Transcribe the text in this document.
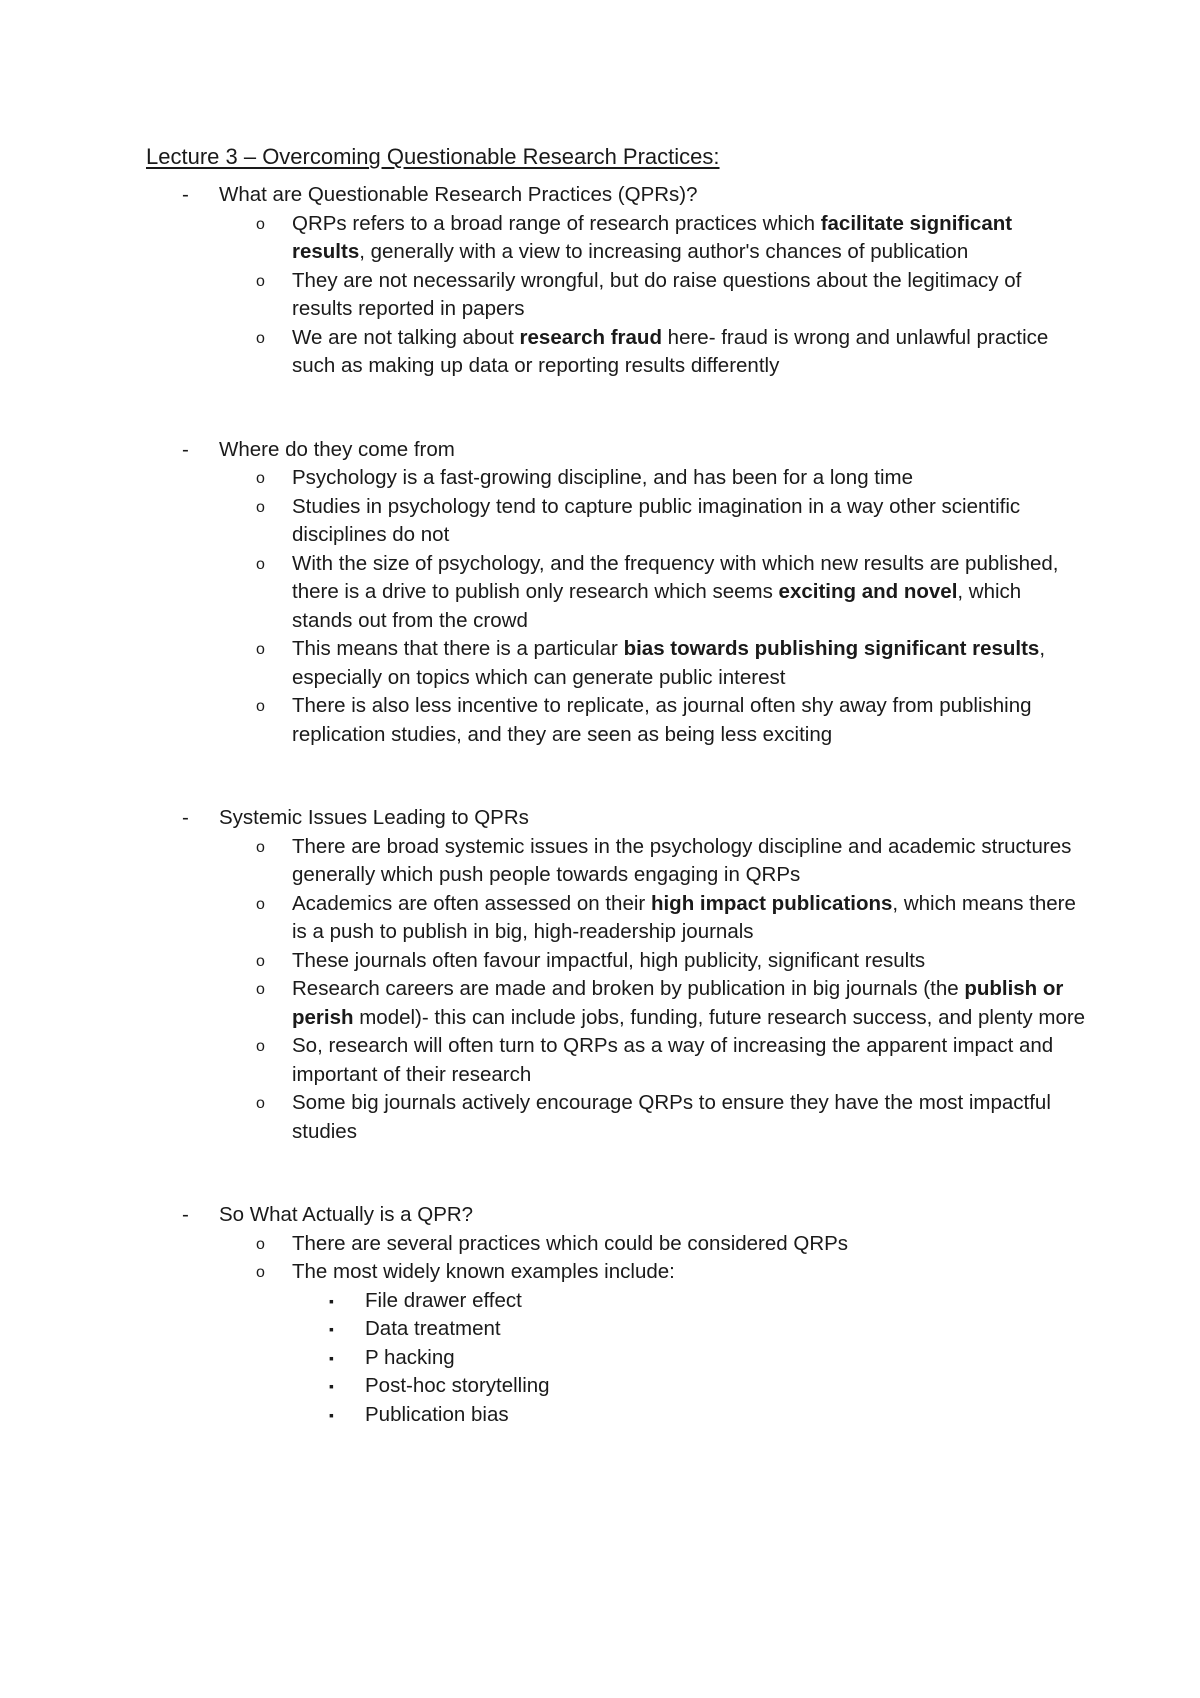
Lecture 3 – Overcoming Questionable Research Practices:
- What are Questionable Research Practices (QPRs)?
o QRPs refers to a broad range of research practices which facilitate significant results, generally with a view to increasing author's chances of publication
o They are not necessarily wrongful, but do raise questions about the legitimacy of results reported in papers
o We are not talking about research fraud here- fraud is wrong and unlawful practice such as making up data or reporting results differently
- Where do they come from
o Psychology is a fast-growing discipline, and has been for a long time
o Studies in psychology tend to capture public imagination in a way other scientific disciplines do not
o With the size of psychology, and the frequency with which new results are published, there is a drive to publish only research which seems exciting and novel, which stands out from the crowd
o This means that there is a particular bias towards publishing significant results, especially on topics which can generate public interest
o There is also less incentive to replicate, as journal often shy away from publishing replication studies, and they are seen as being less exciting
- Systemic Issues Leading to QPRs
o There are broad systemic issues in the psychology discipline and academic structures generally which push people towards engaging in QRPs
o Academics are often assessed on their high impact publications, which means there is a push to publish in big, high-readership journals
o These journals often favour impactful, high publicity, significant results
o Research careers are made and broken by publication in big journals (the publish or perish model)- this can include jobs, funding, future research success, and plenty more
o So, research will often turn to QRPs as a way of increasing the apparent impact and important of their research
o Some big journals actively encourage QRPs to ensure they have the most impactful studies
- So What Actually is a QPR?
o There are several practices which could be considered QRPs
o The most widely known examples include:
▪ File drawer effect
▪ Data treatment
▪ P hacking
▪ Post-hoc storytelling
▪ Publication bias
